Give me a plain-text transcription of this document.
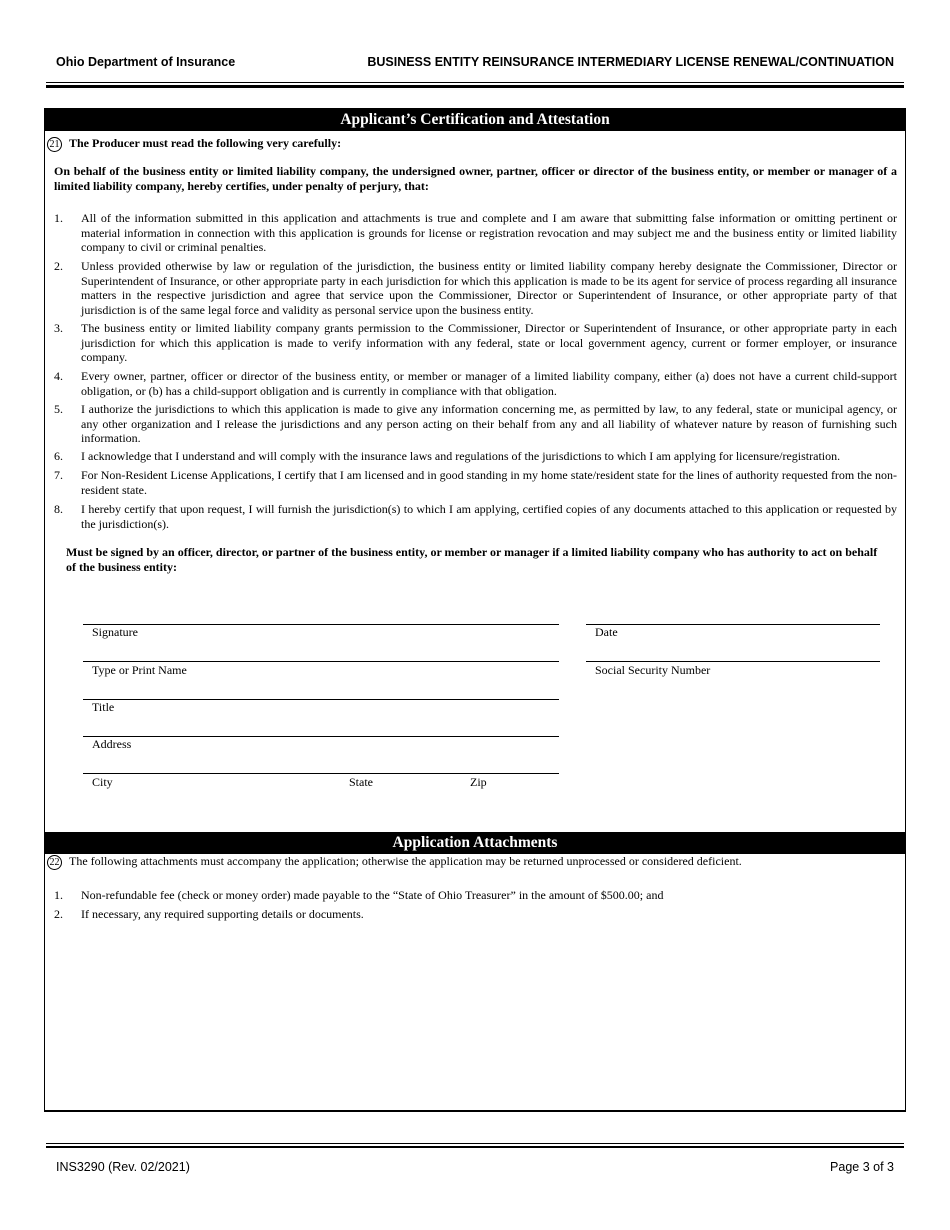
Ohio Department of Insurance	BUSINESS ENTITY REINSURANCE INTERMEDIARY LICENSE RENEWAL/CONTINUATION
Applicant’s Certification and Attestation
21 The Producer must read the following very carefully:
On behalf of the business entity or limited liability company, the undersigned owner, partner, officer or director of the business entity, or member or manager of a limited liability company, hereby certifies, under penalty of perjury, that:
1. All of the information submitted in this application and attachments is true and complete and I am aware that submitting false information or omitting pertinent or material information in connection with this application is grounds for license or registration revocation and may subject me and the business entity or limited liability company to civil or criminal penalties.
2. Unless provided otherwise by law or regulation of the jurisdiction, the business entity or limited liability company hereby designate the Commissioner, Director or Superintendent of Insurance, or other appropriate party in each jurisdiction for which this application is made to be its agent for service of process regarding all insurance matters in the respective jurisdiction and agree that service upon the Commissioner, Director or Superintendent of Insurance, or other appropriate party of that jurisdiction is of the same legal force and validity as personal service upon the business entity.
3. The business entity or limited liability company grants permission to the Commissioner, Director or Superintendent of Insurance, or other appropriate party in each jurisdiction for which this application is made to verify information with any federal, state or local government agency, current or former employer, or insurance company.
4. Every owner, partner, officer or director of the business entity, or member or manager of a limited liability company, either (a) does not have a current child-support obligation, or (b) has a child-support obligation and is currently in compliance with that obligation.
5. I authorize the jurisdictions to which this application is made to give any information concerning me, as permitted by law, to any federal, state or municipal agency, or any other organization and I release the jurisdictions and any person acting on their behalf from any and all liability of whatever nature by reason of furnishing such information.
6. I acknowledge that I understand and will comply with the insurance laws and regulations of the jurisdictions to which I am applying for licensure/registration.
7. For Non-Resident License Applications, I certify that I am licensed and in good standing in my home state/resident state for the lines of authority requested from the non-resident state.
8. I hereby certify that upon request, I will furnish the jurisdiction(s) to which I am applying, certified copies of any documents attached to this application or requested by the jurisdiction(s).
Must be signed by an officer, director, or partner of the business entity, or member or manager if a limited liability company who has authority to act on behalf of the business entity:
Signature	Date
Type or Print Name	Social Security Number
Title
Address
City	State	Zip
Application Attachments
22 The following attachments must accompany the application; otherwise the application may be returned unprocessed or considered deficient.
1. Non-refundable fee (check or money order) made payable to the “State of Ohio Treasurer” in the amount of $500.00; and
2. If necessary, any required supporting details or documents.
INS3290 (Rev. 02/2021)	Page 3 of 3
